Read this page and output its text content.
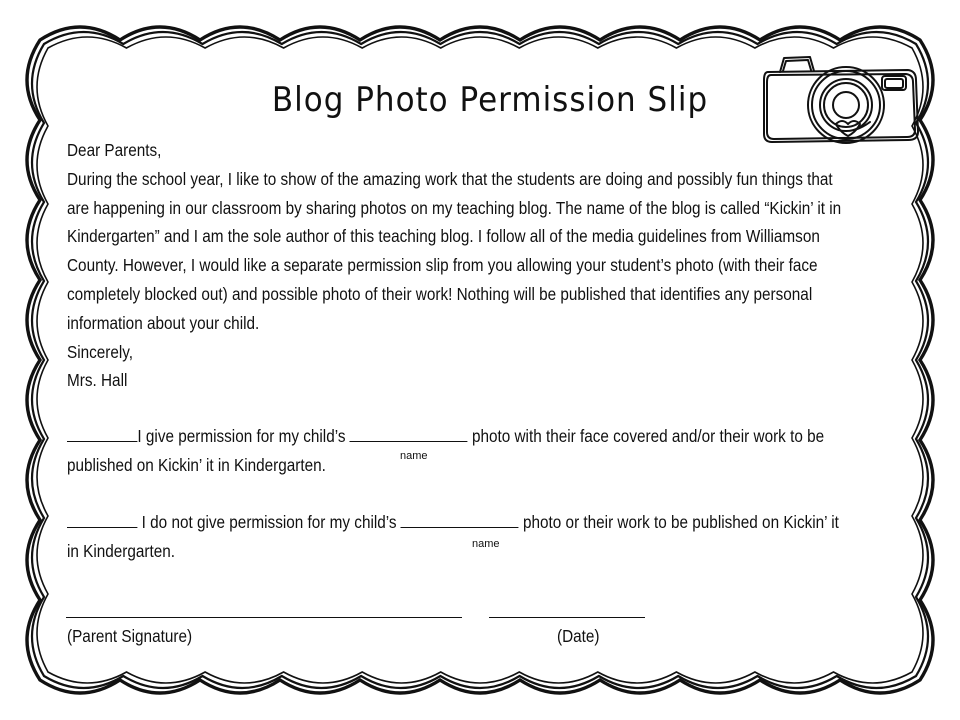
Blog Photo Permission Slip
Dear Parents,
During the school year, I like to show of the amazing work that the students are doing and possibly fun things that
are happening in our classroom by sharing photos on my teaching blog. The name of the blog is called “Kickin’ it in
Kindergarten” and I am the sole author of this teaching blog. I follow all of the media guidelines from Williamson
County. However, I would like a separate permission slip from you allowing your student’s photo (with their face
completely blocked out) and possible photo of their work! Nothing will be published that identifies any personal
information about your child.
Sincerely,
Mrs. Hall
I give permission for my child’s	photo with their face covered and/or their work to be
published on Kickin’ it in Kindergarten.	name
I do not give permission for my child’s	photo or their work to be published on Kickin’ it
in Kindergarten.	name
(Parent Signature)	(Date)
